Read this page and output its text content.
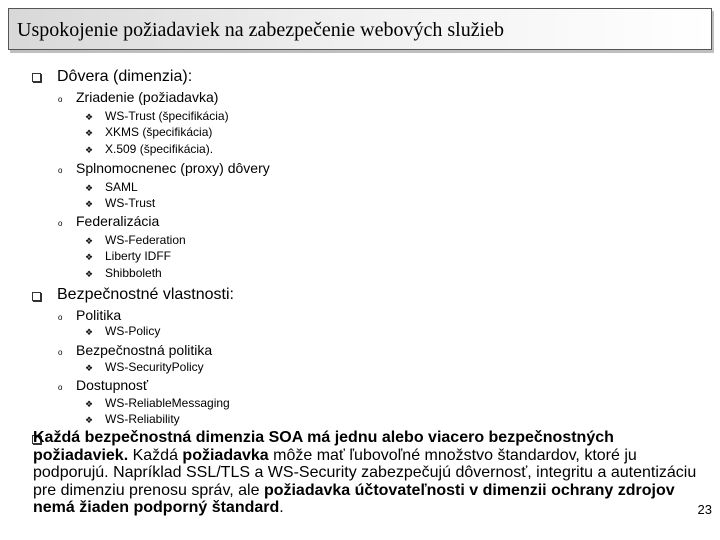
Uspokojenie požiadaviek na zabezpečenie webových služieb
Dôvera (dimenzia):
o Zriadenie (požiadavka)
❖ WS-Trust (špecifikácia)
❖ XKMS (špecifikácia)
❖ X.509 (špecifikácia).
o Splnomocnenec (proxy) dôvery
❖ SAML
❖ WS-Trust
o Federalizácia
❖ WS-Federation
❖ Liberty IDFF
❖ Shibboleth
Bezpečnostné vlastnosti:
o Politika
❖ WS-Policy
o Bezpečnostná politika
❖ WS-SecurityPolicy
o Dostupnosť
❖ WS-ReliableMessaging
❖ WS-Reliability
Každá bezpečnostná dimenzia SOA má jednu alebo viacero bezpečnostných požiadaviek. Každá požiadavka môže mať ľubovoľné množstvo štandardov, ktoré ju podporujú. Napríklad SSL/TLS a WS-Security zabezpečujú dôvernosť, integritu a autentizáciu pre dimenziu prenosu správ, ale požiadavka účtovateľnosti v dimenzii ochrany zdrojov nemá žiaden podporný štandard.	23
